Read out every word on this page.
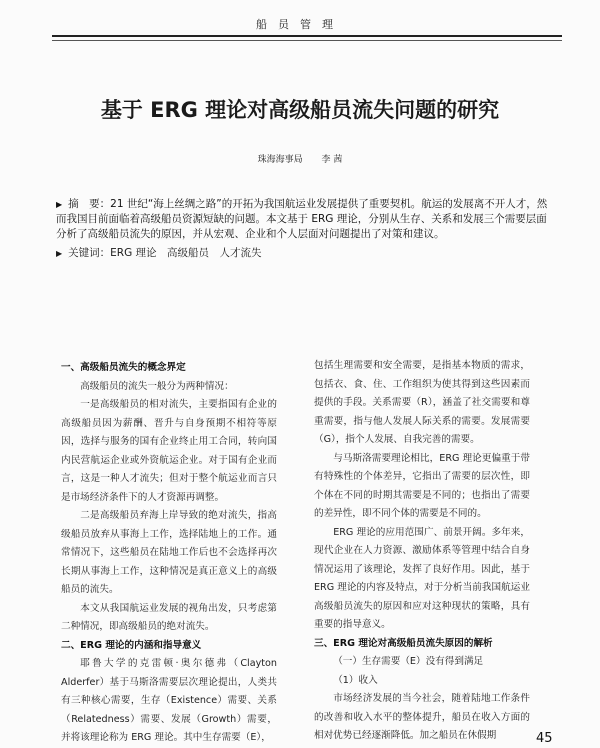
船员管理
基于 ERG 理论对高级船员流失问题的研究
珠海海事局 李 茜
▶ 摘　要：21 世纪“海上丝绸之路”的开拓为我国航运业发展提供了重要契机。航运的发展离不开人才，然而我国目前面临着高级船员资源短缺的问题。本文基于 ERG 理论，分别从生存、关系和发展三个需要层面分析了高级船员流失的原因，并从宏观、企业和个人层面对问题提出了对策和建议。
▶ 关键词：ERG 理论　高级船员　人才流失

一、高级船员流失的概念界定

高级船员的流失一般分为两种情况：

一是高级船员的相对流失，主要指国有企业的高级船员因为薪酬、晋升与自身预期不相符等原因，选择与服务的国有企业终止用工合同，转向国内民营航运企业或外资航运企业。对于国有企业而言，这是一种人才流失；但对于整个航运业而言只是市场经济条件下的人才资源再调整。

二是高级船员弃海上岸导致的绝对流失，指高级船员放弃从事海上工作，选择陆地上的工作。通常情况下，这些船员在陆地工作后也不会选择再次长期从事海上工作，这种情况是真正意义上的高级船员的流失。

本文从我国航运业发展的视角出发，只考虑第二种情况，即高级船员的绝对流失。

二、ERG 理论的内涵和指导意义

耶鲁大学的克雷顿·奥尔德弗（Clayton Alderfer）基于马斯洛需要层次理论提出，人类共有三种核心需要，生存（Existence）需要、关系（Relatedness）需要、发展（Growth）需要，并将该理论称为 ERG 理论。其中生存需要（E），

包括生理需要和安全需要，是指基本物质的需求，包括衣、食、住、工作组织为使其得到这些因素而提供的手段。关系需要（R），涵盖了社交需要和尊重需要，指与他人发展人际关系的需要。发展需要（G），指个人发展、自我完善的需要。

与马斯洛需要理论相比，ERG 理论更偏重于带有特殊性的个体差异，它指出了需要的层次性，即个体在不同的时期其需要是不同的；也指出了需要的差异性，即不同个体的需要是不同的。

ERG 理论的应用范围广、前景开阔。多年来，现代企业在人力资源、激励体系等管理中结合自身情况运用了该理论，发挥了良好作用。因此，基于 ERG 理论的内容及特点，对于分析当前我国航运业高级船员流失的原因和应对这种现状的策略，具有重要的指导意义。

三、ERG 理论对高级船员流失原因的解析

（一）生存需要（E）没有得到满足

（1）收入

市场经济发展的当今社会，随着陆地工作条件的改善和收入水平的整体提升，船员在收入方面的相对优势已经逐渐降低。加之船员在休假期	45
